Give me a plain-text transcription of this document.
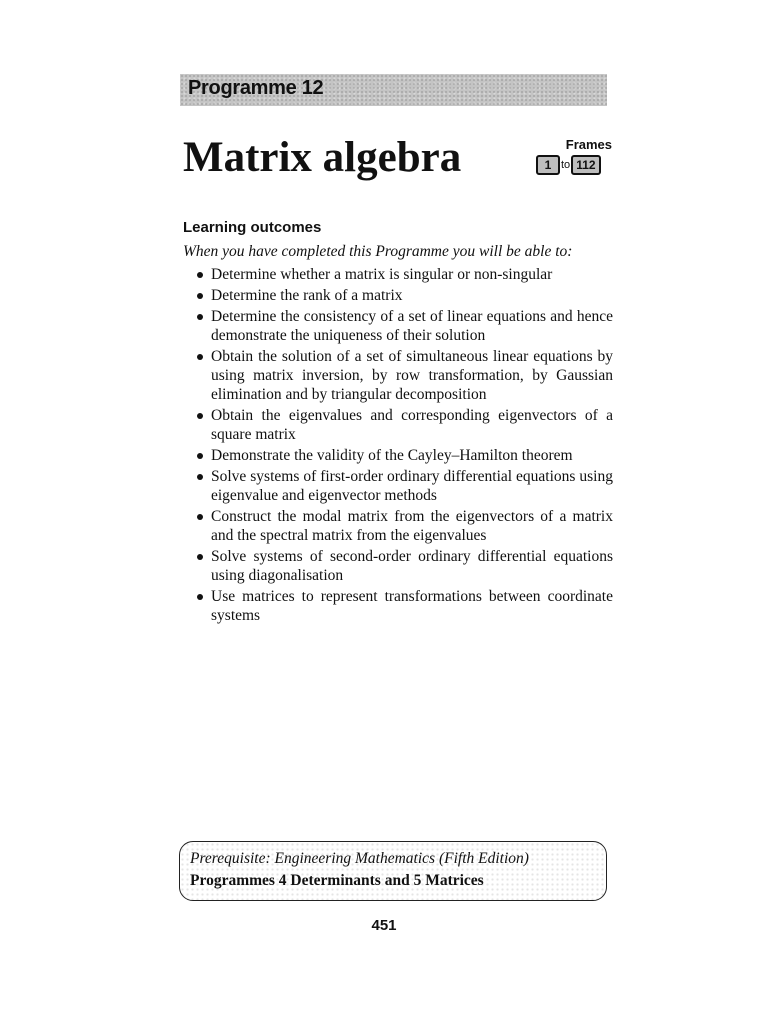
Programme 12
Matrix algebra	Frames
1 to 112
Learning outcomes
When you have completed this Programme you will be able to:
Determine whether a matrix is singular or non-singular
Determine the rank of a matrix
Determine the consistency of a set of linear equations and hence demonstrate the uniqueness of their solution
Obtain the solution of a set of simultaneous linear equations by using matrix inversion, by row transformation, by Gaussian elimination and by triangular decomposition
Obtain the eigenvalues and corresponding eigenvectors of a square matrix
Demonstrate the validity of the Cayley–Hamilton theorem
Solve systems of first-order ordinary differential equations using eigenvalue and eigenvector methods
Construct the modal matrix from the eigenvectors of a matrix and the spectral matrix from the eigenvalues
Solve systems of second-order ordinary differential equations using diagonalisation
Use matrices to represent transformations between coordinate systems
Prerequisite: Engineering Mathematics (Fifth Edition)
Programmes 4 Determinants and 5 Matrices
451
